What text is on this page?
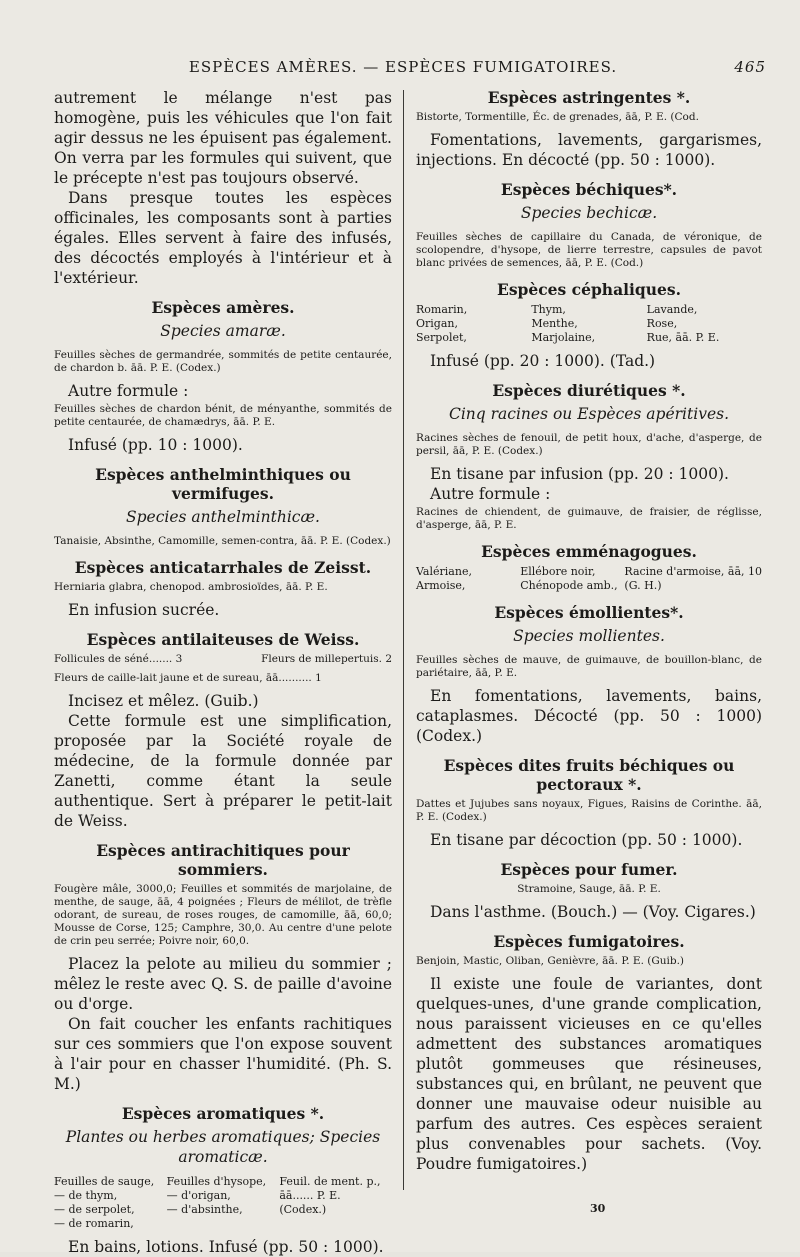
ESPÈCES AMÈRES. — ESPÈCES FUMIGATOIRES.	465

autrement le mélange n'est pas homogène, puis les véhicules que l'on fait agir dessus ne les épuisent pas également. On verra par les formules qui suivent, que le précepte n'est pas toujours observé.

Dans presque toutes les espèces officinales, les composants sont à parties égales. Elles servent à faire des infusés, des décoctés employés à l'intérieur et à l'extérieur.

Espèces amères.
Species amaræ.
Feuilles sèches de germandrée, sommités de petite centaurée, de chardon b. āā. P. E. (Codex.)

Autre formule :

Feuilles sèches de chardon bénit, de ményanthe, sommités de petite centaurée, de chamædrys, āā. P. E.

Infusé (pp. 10 : 1000).

Espèces anthelminthiques ou vermifuges.
Species anthelminthicæ.
Tanaisie, Absinthe, Camomille, semen-contra, āā. P. E. (Codex.)
Espèces anticatarrhales de Zeisst.
Herniaria glabra, chenopod. ambrosioïdes, āā. P. E.

En infusion sucrée.

Espèces antilaiteuses de Weiss.
Follicules de séné....... 3	Fleurs de millepertuis. 2
Fleurs de caille-lait jaune et de sureau, āā.......... 1

Incisez et mêlez. (Guib.)

Cette formule est une simplification, proposée par la Société royale de médecine, de la formule donnée par Zanetti, comme étant la seule authentique. Sert à préparer le petit-lait de Weiss.

Espèces antirachitiques pour sommiers.
Fougère mâle, 3000,0; Feuilles et sommités de marjolaine, de menthe, de sauge, āā, 4 poignées ; Fleurs de mélilot, de trèfle odorant, de sureau, de roses rouges, de camomille, āā, 60,0; Mousse de Corse, 125; Camphre, 30,0. Au centre d'une pelote de crin peu serrée; Poivre noir, 60,0.

Placez la pelote au milieu du sommier ; mêlez le reste avec Q. S. de paille d'avoine ou d'orge.

On fait coucher les enfants rachitiques sur ces sommiers que l'on expose souvent à l'air pour en chasser l'humidité. (Ph. S. M.)

Espèces aromatiques *.
Plantes ou herbes aromatiques; Species aromaticæ.
Feuilles de sauge,	Feuilles d'hysope,	Feuil. de ment. p.,
— de thym,	— d'origan,	āā...... P. E.
— de serpolet,	— d'absinthe,	(Codex.)
— de romarin,

En bains, lotions. Infusé (pp. 50 : 1000).

Espèces astringentes *.
Bistorte, Tormentille, Éc. de grenades, āā, P. E. (Cod.

Fomentations, lavements, gargarismes, injections. En décocté (pp. 50 : 1000).

Espèces béchiques*.
Species bechicæ.
Feuilles sèches de capillaire du Canada, de véronique, de scolopendre, d'hysope, de lierre terrestre, capsules de pavot blanc privées de semences, āā, P. E. (Cod.)
Espèces céphaliques.
Romarin,	Thym,	Lavande,
Origan,	Menthe,	Rose,
Serpolet,	Marjolaine,	Rue, āā. P. E.

Infusé (pp. 20 : 1000). (Tad.)

Espèces diurétiques *.
Cinq racines ou Espèces apéritives.
Racines sèches de fenouil, de petit houx, d'ache, d'asperge, de persil, āā, P. E. (Codex.)

En tisane par infusion (pp. 20 : 1000).

Autre formule :

Racines de chiendent, de guimauve, de fraisier, de réglisse, d'asperge, āā, P. E.
Espèces emménagogues.
Valériane,	Ellébore noir,	Racine d'armoise, āā, 10
Armoise,	Chénopode amb., (G. H.)
Espèces émollientes*.
Species mollientes.
Feuilles sèches de mauve, de guimauve, de bouillon-blanc, de pariétaire, āā, P. E.

En fomentations, lavements, bains, cataplasmes. Décocté (pp. 50 : 1000) (Codex.)

Espèces dites fruits béchiques ou pectoraux *.
Dattes et Jujubes sans noyaux, Figues, Raisins de Corinthe. āā, P. E. (Codex.)

En tisane par décoction (pp. 50 : 1000).

Espèces pour fumer.
Stramoine, Sauge, āā. P. E.

Dans l'asthme. (Bouch.) — (Voy. Cigares.)

Espèces fumigatoires.
Benjoin, Mastic, Oliban, Genièvre, āā. P. E. (Guib.)

Il existe une foule de variantes, dont quelques-unes, d'une grande complication, nous paraissent vicieuses en ce qu'elles admettent des substances aromatiques plutôt gommeuses que résineuses, substances qui, en brûlant, ne peuvent que donner une mauvaise odeur nuisible au parfum des autres. Ces espèces seraient plus convenables pour sachets. (Voy. Poudre fumigatoires.)

30
